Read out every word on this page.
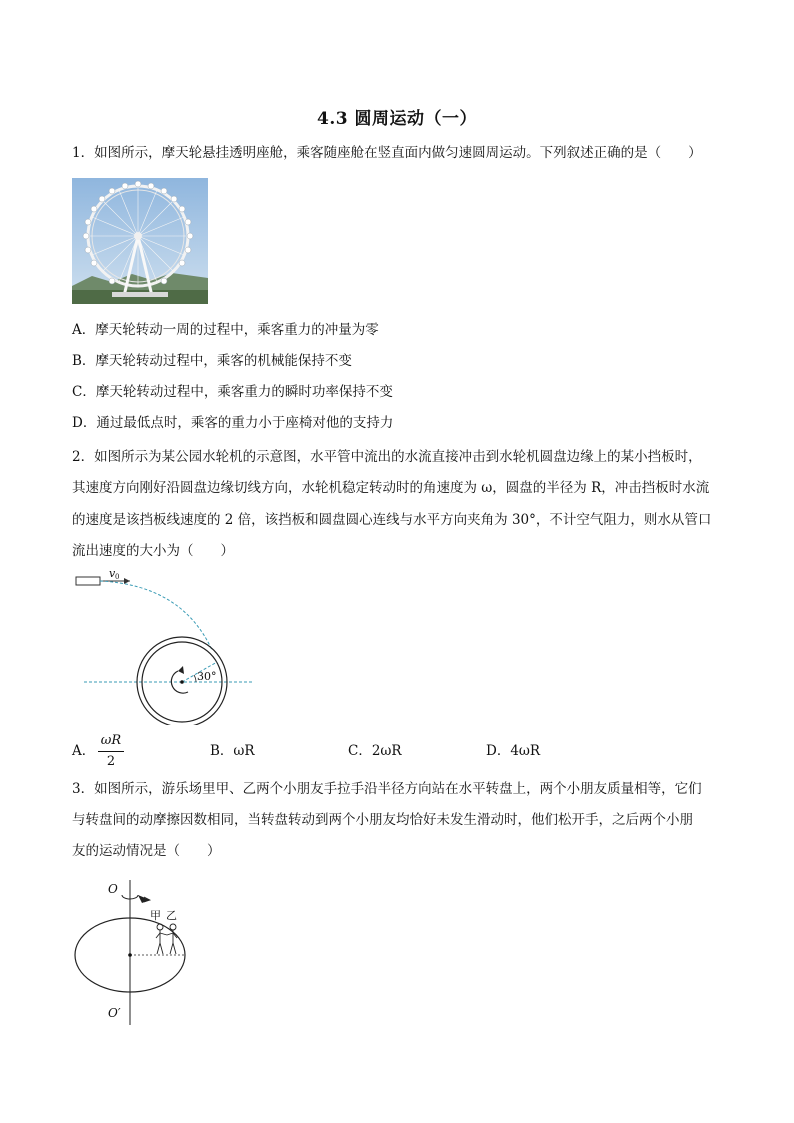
4.3 圆周运动（一）
1．如图所示，摩天轮悬挂透明座舱，乘客随座舱在竖直面内做匀速圆周运动。下列叙述正确的是（　　）
A．摩天轮转动一周的过程中，乘客重力的冲量为零
B．摩天轮转动过程中，乘客的机械能保持不变
C．摩天轮转动过程中，乘客重力的瞬时功率保持不变
D．通过最低点时，乘客的重力小于座椅对他的支持力
2．如图所示为某公园水轮机的示意图，水平管中流出的水流直接冲击到水轮机圆盘边缘上的某小挡板时，
其速度方向刚好沿圆盘边缘切线方向，水轮机稳定转动时的角速度为 ω，圆盘的半径为 R，冲击挡板时水流
的速度是该挡板线速度的 2 倍，该挡板和圆盘圆心连线与水平方向夹角为 30°，不计空气阻力，则水从管口
流出速度的大小为（　　）
v 0
30°
A．
ωR
2
B．ωR	C．2ωR	D．4ωR
3．如图所示，游乐场里甲、乙两个小朋友手拉手沿半径方向站在水平转盘上，两个小朋友质量相等，它们
与转盘间的动摩擦因数相同，当转盘转动到两个小朋友均恰好未发生滑动时，他们松开手，之后两个小朋
友的运动情况是（　　）
O
O′
甲 乙
